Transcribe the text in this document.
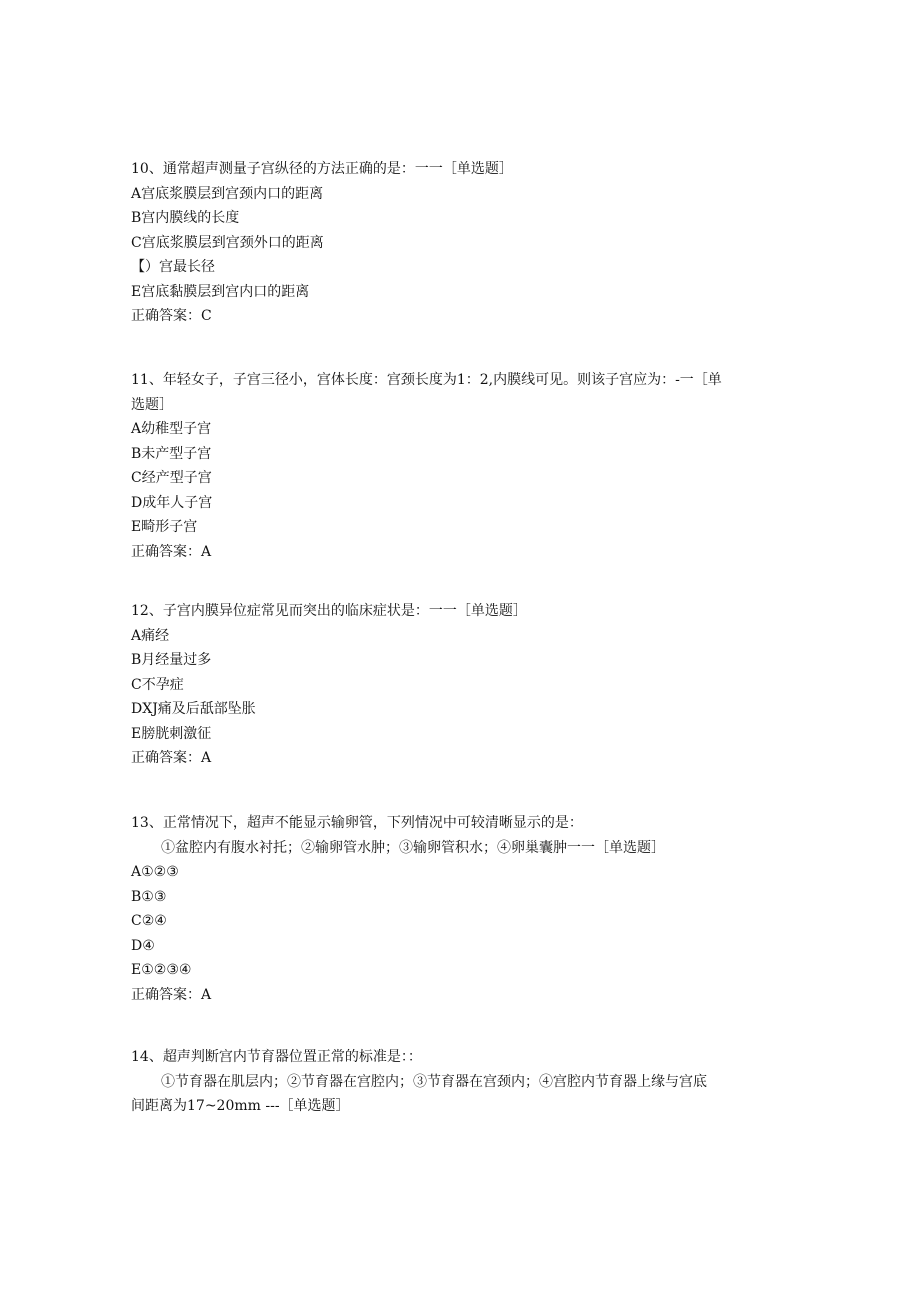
10、通常超声测量子宫纵径的方法正确的是：一一［单选题］
A宫底浆膜层到宫颈内口的距离
B宫内膜线的长度
C宫底浆膜层到宫颈外口的距离
【）宫最长径
E宫底黏膜层到宫内口的距离
正确答案：C
11、年轻女子，子宫三径小，宫体长度：宫颈长度为1：2,内膜线可见。则该子宫应为：-一［单
选题］
A幼稚型子宫
B未产型子宫
C经产型子宫
D成年人子宫
E畸形子宫
正确答案：A
12、子宫内膜异位症常见而突出的临床症状是：一一［单选题］
A痛经
B月经量过多
C不孕症
DXJ痛及后舐部坠胀
E膀胱刺激征
正确答案：A
13、正常情况下，超声不能显示输卵管，下列情况中可较清晰显示的是：
①盆腔内有腹水衬托；②输卵管水肿；③输卵管积水；④卵巢囊肿一一［单选题］
A①②③
B①③
C②④
D④
E①②③④
正确答案：A
14、超声判断宫内节育器位置正常的标准是：：
①节育器在肌层内；②节育器在宫腔内；③节育器在宫颈内；④宫腔内节育器上缘与宫底
间距离为17~20mm ---［单选题］
